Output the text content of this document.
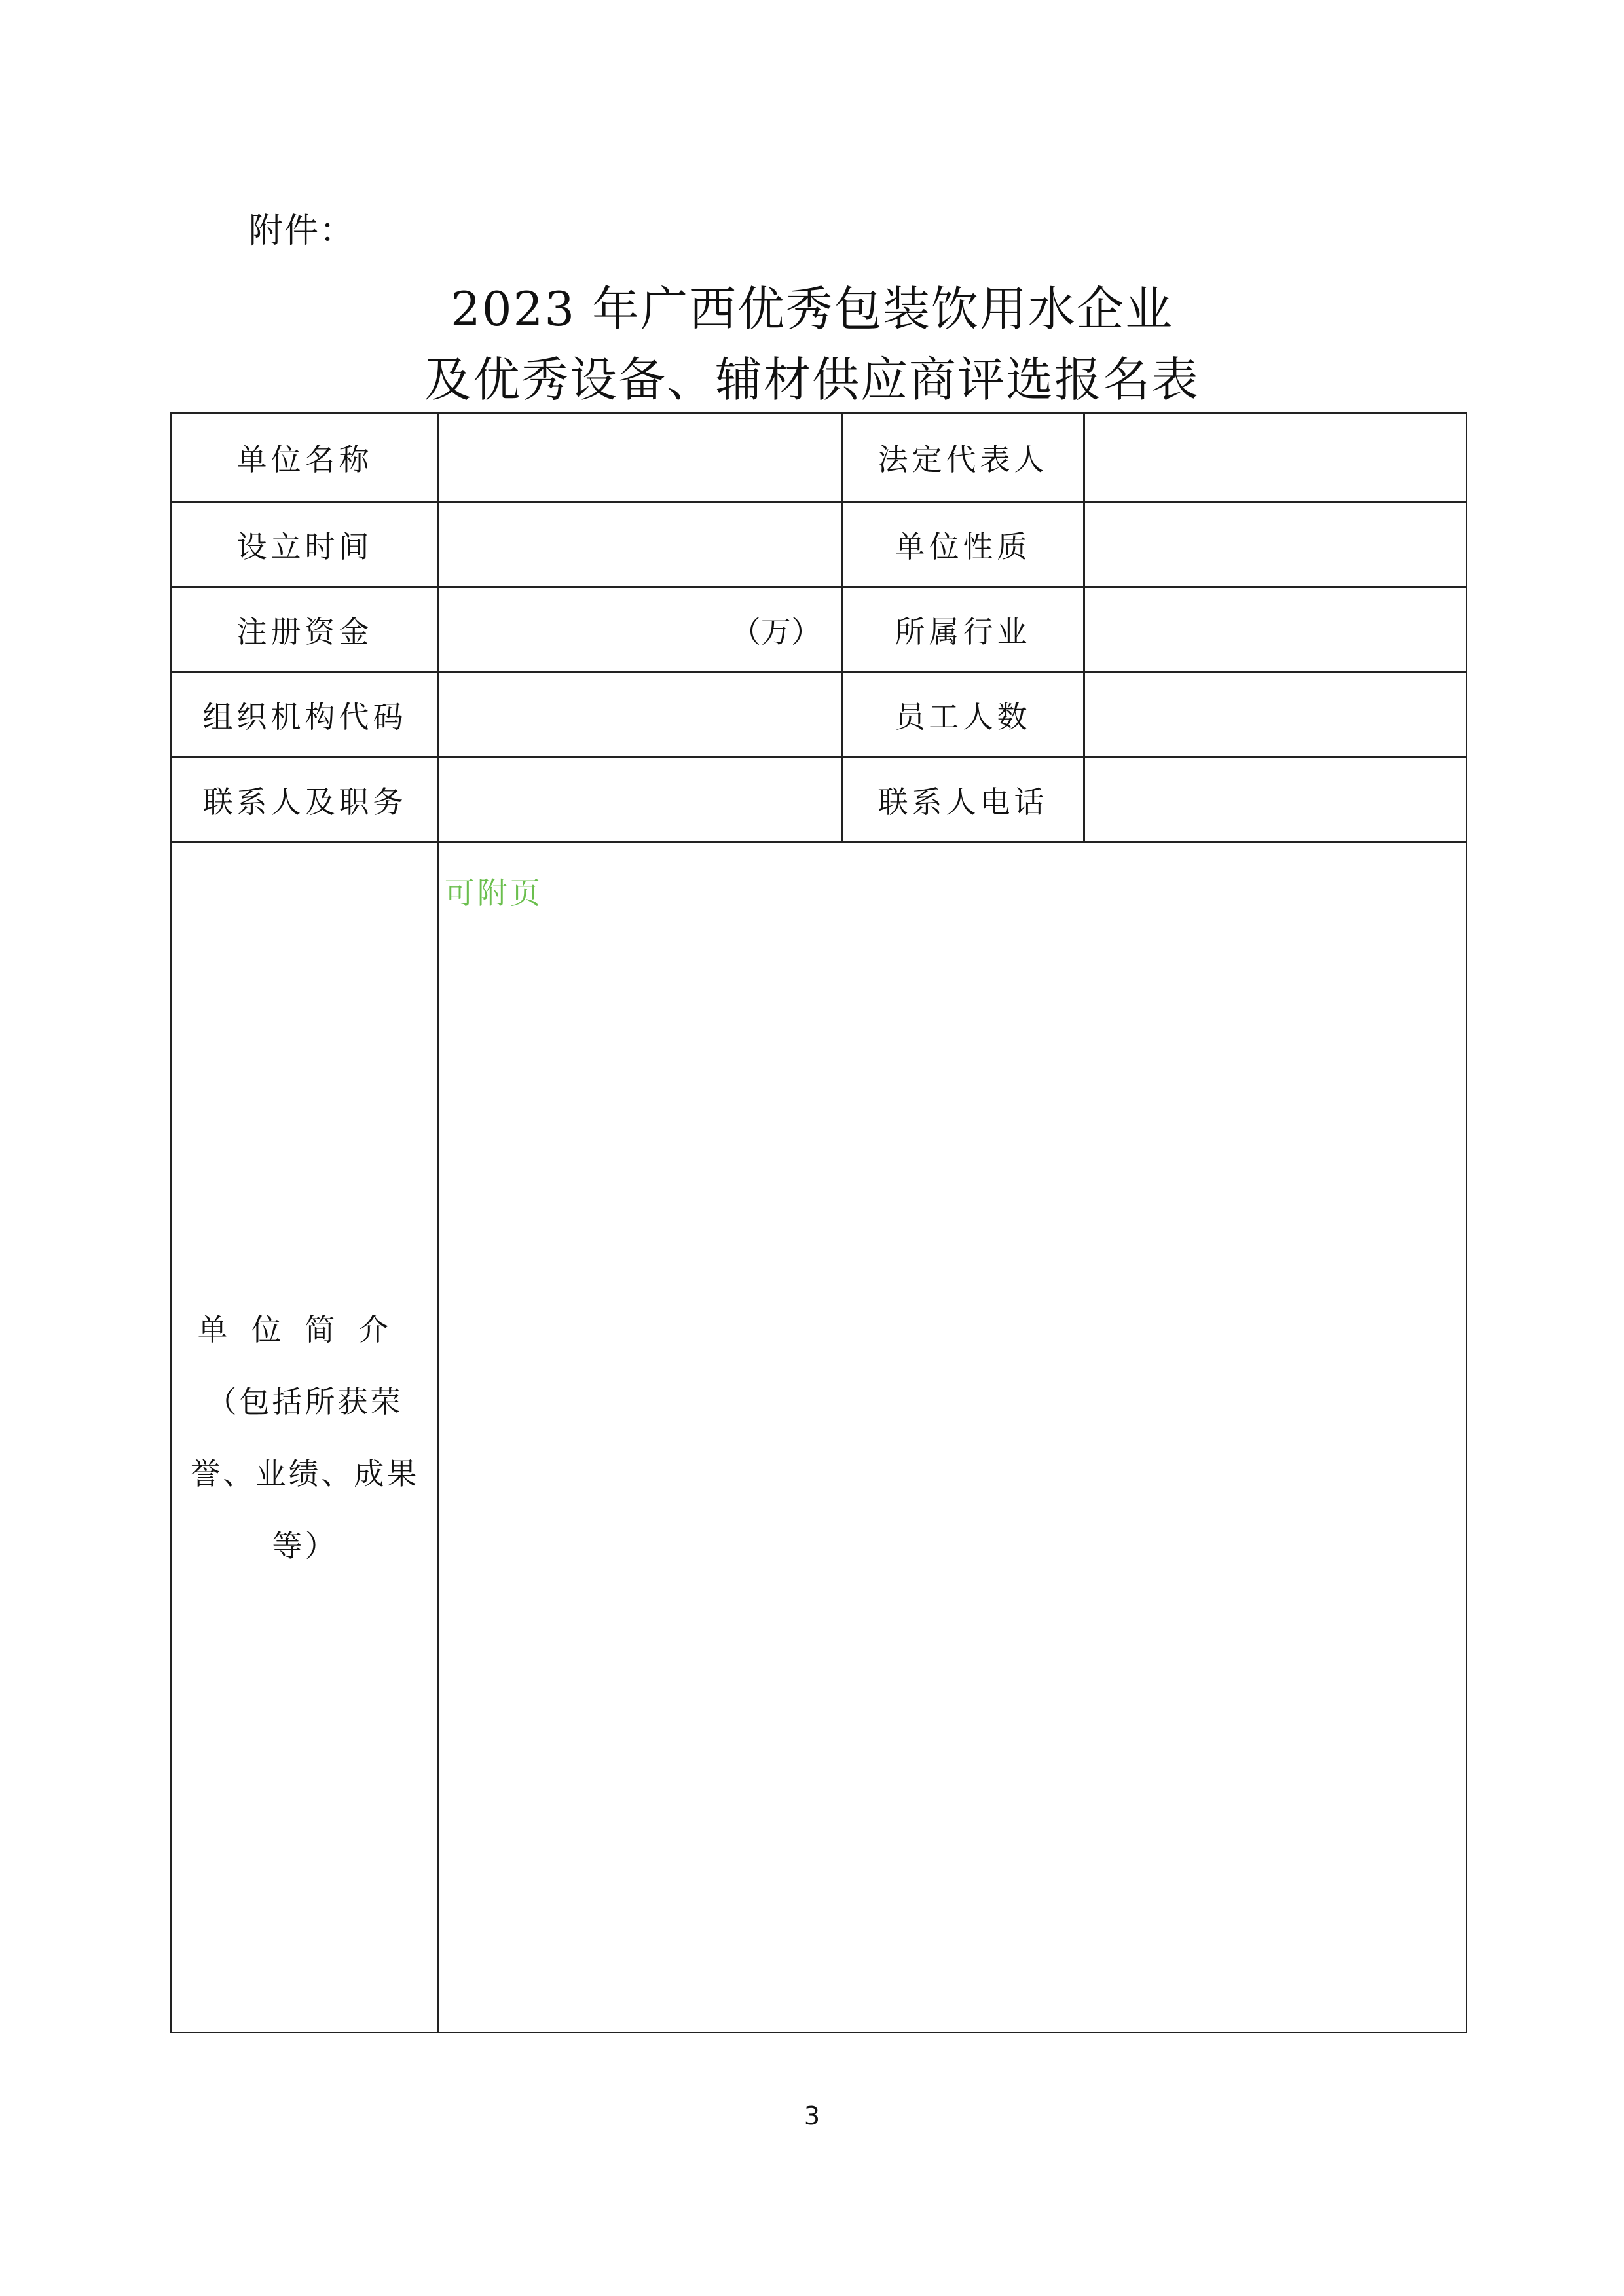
附件：
2023 年广西优秀包装饮用水企业
及优秀设备、辅材供应商评选报名表
单位名称		法定代表人	
设立时间		单位性质	
注册资金	（万）	所属行业	
组织机构代码		员工人数	
联系人及职务		联系人电话	

单位简介
（包括所获荣
誉、业绩、成果
等）	可附页		
3
